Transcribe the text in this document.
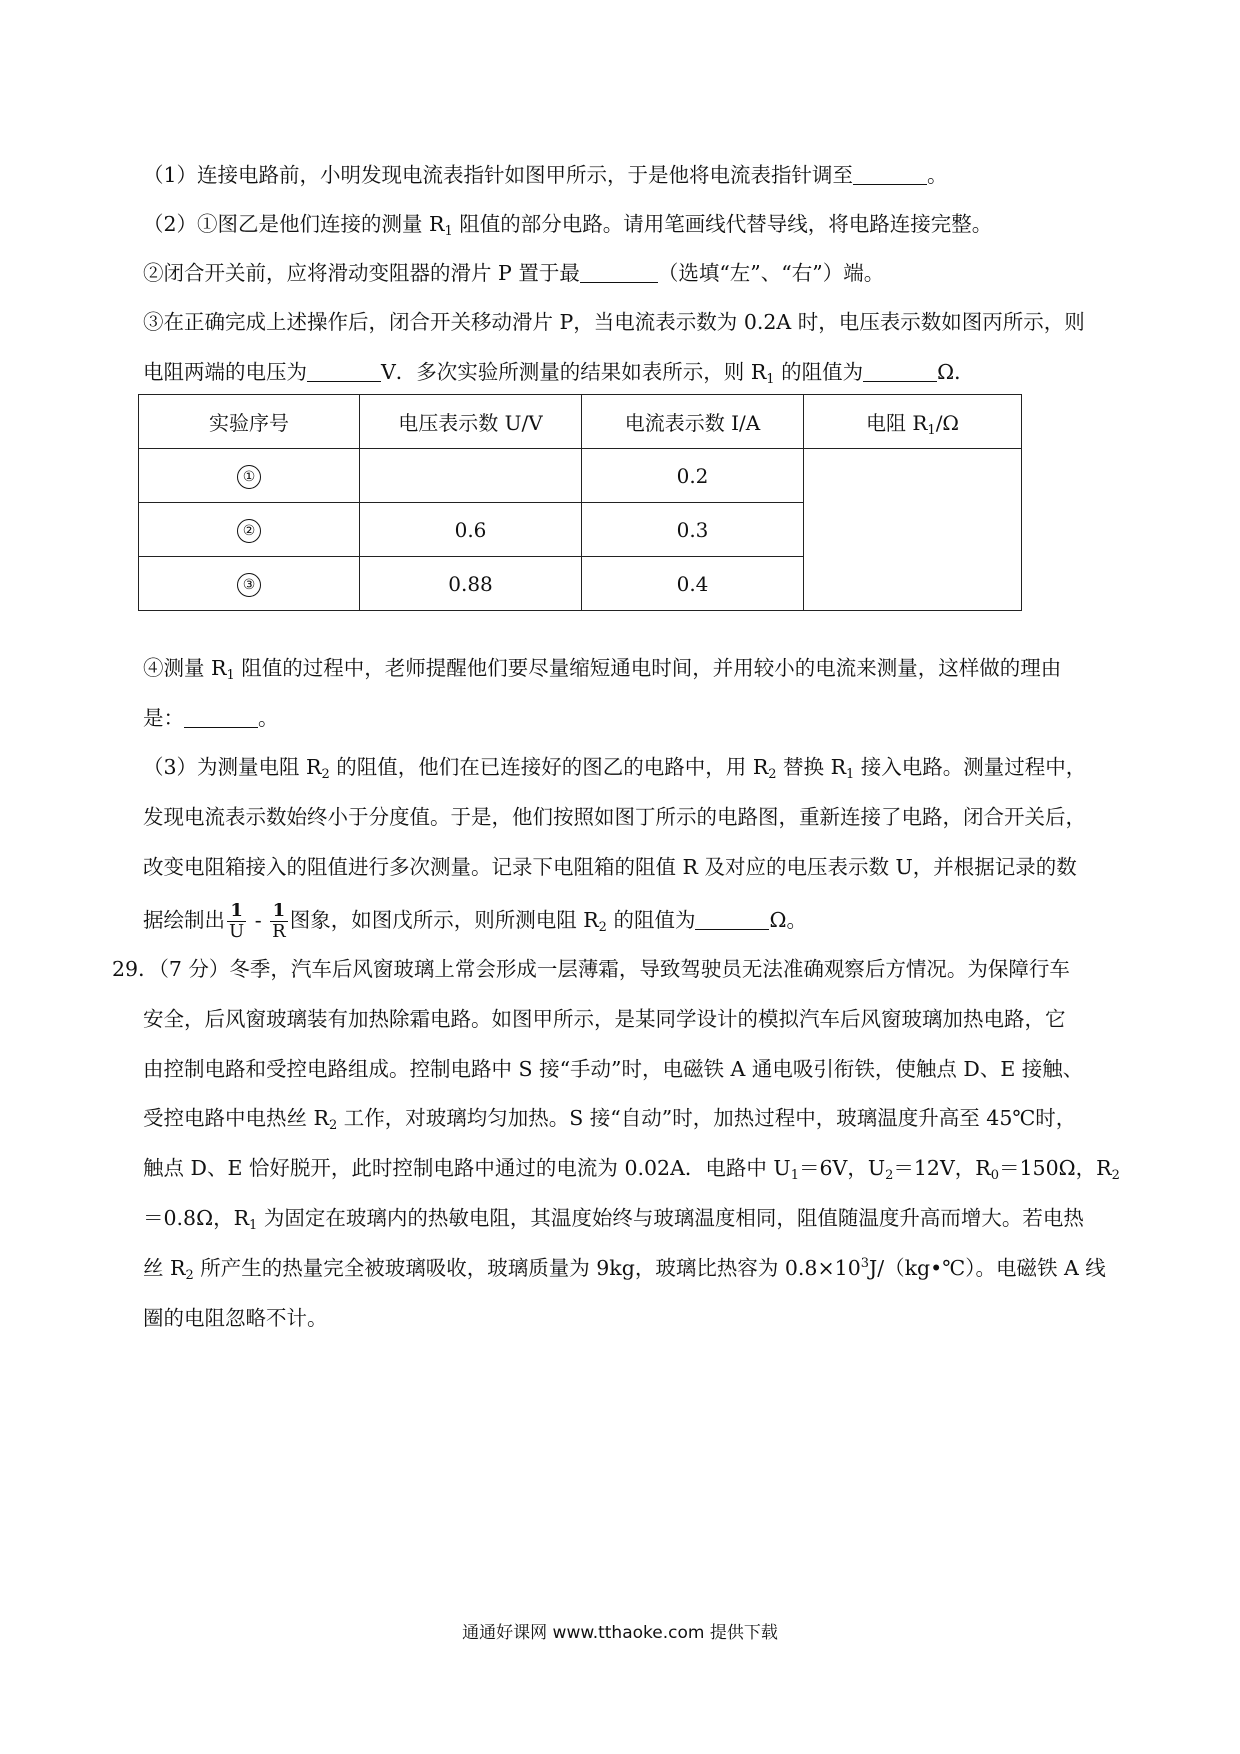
（1）连接电路前，小明发现电流表指针如图甲所示，于是他将电流表指针调至	。
（2）①图乙是他们连接的测量 $R_1$ 阻值的部分电路。请用笔画线代替导线，将电路连接完整。
②闭合开关前，应将滑动变阻器的滑片 P 置于最	（选填“左”、“右”）端。
③在正确完成上述操作后，闭合开关移动滑片 P，当电流表示数为 0.2A 时，电压表示数如图丙所示，则
电阻两端的电压为	V．多次实验所测量的结果如表所示，则 $R_1$ 的阻值为	Ω．
实验序号	电压表示数 U/V	电流表示数 I/A	电阻 $R_1/\Omega$
①		0.2	
②	0.6	0.3	
③	0.88	0.4	
④测量 $R_1$ 阻值的过程中，老师提醒他们要尽量缩短通电时间，并用较小的电流来测量，这样做的理由
是：	。
（3）为测量电阻 $R_2$ 的阻值，他们在已连接好的图乙的电路中，用 $R_2$ 替换 $R_1$ 接入电路。测量过程中，
发现电流表示数始终小于分度值。于是，他们按照如图丁所示的电路图，重新连接了电路，闭合开关后，
改变电阻箱接入的阻值进行多次测量。记录下电阻箱的阻值 R 及对应的电压表示数 U，并根据记录的数
据绘制出 $\frac{1}{U} - \frac{1}{R}$ 图象，如图戊所示，则所测电阻 $R_2$ 的阻值为	Ω。
29．（7 分）冬季，汽车后风窗玻璃上常会形成一层薄霜，导致驾驶员无法准确观察后方情况。为保障行车
安全，后风窗玻璃装有加热除霜电路。如图甲所示，是某同学设计的模拟汽车后风窗玻璃加热电路，它
由控制电路和受控电路组成。控制电路中 S 接“手动”时，电磁铁 A 通电吸引衔铁，使触点 D、E 接触、
受控电路中电热丝 $R_2$ 工作，对玻璃均匀加热。S 接“自动”时，加热过程中，玻璃温度升高至 45℃时，
触点 D、E 恰好脱开，此时控制电路中通过的电流为 0.02A．电路中 $U_1=6V$，$U_2=12V$，$R_0=150\Omega$，$R_2$
＝0.8Ω，$R_1$ 为固定在玻璃内的热敏电阻，其温度始终与玻璃温度相同，阻值随温度升高而增大。若电热
丝 $R_2$ 所产生的热量完全被玻璃吸收，玻璃质量为 9kg，玻璃比热容为 $0.8\times 10^3J/(kg•℃)$。电磁铁 A 线
圈的电阻忽略不计。
通通好课网 www.tthaoke.com 提供下载
